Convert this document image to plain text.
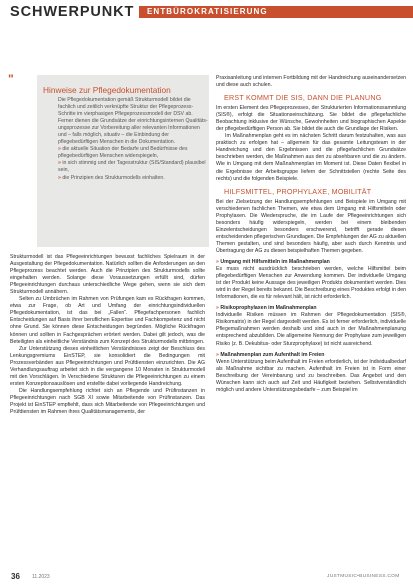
SCHWERPUNKT ENTBÜROKRATISIERUNG
"
Hinweise zur Pflegedokumentation

Die Pflegedokumentation gemäß Strukturmodell bildet die fachlich und zeitlich verknüpfte Struktur der Pflegeprozess-Schritte im vierphasigen Pflegeprozessmodell der DSV ab. Ferner dienen die Grundsätze der einrichtungsinternen Qualitätsungsprozesse zur Vorbereitung aller relevanten Informationen und – falls möglich, situativ – die Einbindung der pflegebedürftigen Menschen in die Dokumentation.

» die aktuelle Situation der Bedarfe und Bedürfnisse des pflegebedürftigen Menschen widerspiegeln,

» in sich stimmig und der Tagesstruktur (SIS/Standard) plausibel sein,

» die Prinzipien des Strukturmodells einhalten.

Strukturmodell ist das Pflegeeinrichtungen bewusst fachliches Spielraum in der Ausgestaltung der Pflegedokumentation. Natürlich sollten die Anforderungen an den Pflegeprozess beachtet werden. Auch die Prinzipien des Strukturmodells sollte eingehalten werden. Solange diese Voraussetzungen erfüllt sind, dürfen Pflegeeinrichtungen durchaus unterschiedliche Wege gehen, wenn sie sich dem Strukturmodell annähern.

Selten zu Umbrüchen im Rahmen von Prüfungen kam es Rückfragen kommen, etwa zur Frage, ob Art und Umfang der einrichtungsindividuellen Pflegedokumentation, ist das bei „Fallen“. Pflegefachpersonen fachlich Entscheidungen auf Basis ihrer beruflichen Expertise und Fachkompetenz und nicht ohne Grund. Sie können diese Entscheidungen begründen. Mögliche Rückfragen können und sollten in Fachgesprächen erörtert werden. Dabei gilt jedoch, was die Beteiligten als einheitliche Verständnis zum Konzept des Strukturmodells mitbringen.

Zur Unterstützung dieses einheitlichen Verständnisses zeigt der Beschluss des Lenkungsgremiums EinSTEP, sie konsolidiert die Bedingungen mit Prozessverbänden aus Pflegeeinrichtungen und Prüfdiensten einzurichten. Die AG Verhandlungsauftrag arbeitet sich in die vergangene 10 Monaten in Strukturmodell mit den Vorschlägen. In Verschiedene Strukturen die Pflegeeinrichtungen zu einem ersten Konzeptionsauslösen und erstellte dabei vorliegende Handreichung.

Die Handlungsempfehlung richtet sich an Pflegende und Prüfinstanzen in Pflegeeinrichtungen nach SGB XI sowie Mitarbeitende von Prüfinstanzen. Das Projekt ist EinSTEP empfiehlt, dass sich Mitarbeitende von Pflegeeinrichtungen und Prüfdiensten im Rahmen ihres Qualitätsmanagements, der

Praxisanleitung und internen Fortbildung mit der Handreichung auseinandersetzen und diese auch schulen.

ERST KOMMT DIE SIS, DANN DIE PLANUNG

Im ersten Element des Pflegeprozesses, der Strukturierten Informationssammlung (SIS®), erfolgt die Situationseinschätzung. Sie bildet die pflegefachliche Beobachtung inklusive der Wünsche, Gewohnheiten und biographischen Aspekte der pflegebedürftigen Person ab. Sie bildet die auch die Grundlage der Risiken.

Im Maßnahmenplan geht es im nächsten Schritt darum festzuhalten, was aus praktisch zu erfolgen hat – allgemein für das gesamte Leitungsteam in der Handreichung und den Ergebnissen und die pflegefachlichen Grundsätze beschrieben werden, die Maßnahmen aus den zu absehbaren und die zu ändern. Wie in Umgang mit dem Maßnahmenplan im Moment ist. Diese Daten flexibel in die Ergebnisse der Arbeitsgruppe liefern der Schnittstellen (rechte Seite des rechts) und die folgenden Beispiele.

HILFSMITTEL, PROPHYLAXE, MOBILITÄT

Bei der Zielsetzung der Handlungsempfehlungen und Beispiele im Umgang mit verschiedenen fachlichen Themen, wie etwa dem Umgang mit Hilfsmitteln oder Prophylaxen. Die Wiederspruche, die im Laufe der Pflegeeinrichtungen sich besonders häufig widerspiegeln, werden bei einem bleibenden Einzelentscheidungen besonders erschwerend, betrifft gerade diesen entscheidenden pflegerischen Grundlagen. Die Empfehlungen der AG zu aktuellen Themen gestalten, und sind besonders häufig, aber auch durch Kenntnis und Übertragung der AG zu diesen beispielhaften Themen gegeben.

» Umgang mit Hilfsmitteln im Maßnahmenplan
Es muss nicht ausdrücklich beschrieben werden, welche Hilfsmittel beim pflegebedürftigen Menschen zur Anwendung kommen. Der individuelle Umgang ist der Produkt keine Aussage des jeweiligen Produkts dokumentiert werden. Dies wird in der Regel bereits bekannt. Die Beschreibung eines Produktes erfolgt in den Informationen, die es für relevant hält, ist nicht erforderlich.

» Risikoprophylaxen im Maßnahmenplan
Individuelle Risiken müssen im Rahmen der Pflegedokumentation (SIS®, Risikomatrix) in der Regel dargestellt werden. Es ist ferner erforderlich, individuelle Pflegemaßnahmen werden deshalb und sind auch in der Maßnahmenplanung entsprechend abzubilden. Die allgemeine Nennung der Prophylaxe zum jeweiligen Risiko (z. B. Dekubitus- oder Sturzprophylaxe) ist nicht ausreichend.

» Maßnahmenplan zum Aufenthalt im Freien
Wenn Unterstützung beim Aufenthalt im Freien erforderlich, ist der Individualbedarf als Maßnahme sichtbar zu machen. Aufenthalt im Freien ist in Form einer Beschreibung der Vereinbarung und zu beschreiben. Das Angebot und den Wünschen kann sich auch auf Zeit und Häufigkeit beziehen. Selbstverständlich möglich und andere Unterstützungsbedarfe – zum Beispiel im

36 11.2023	JUSTMUSIC•BUSINESS.COM
